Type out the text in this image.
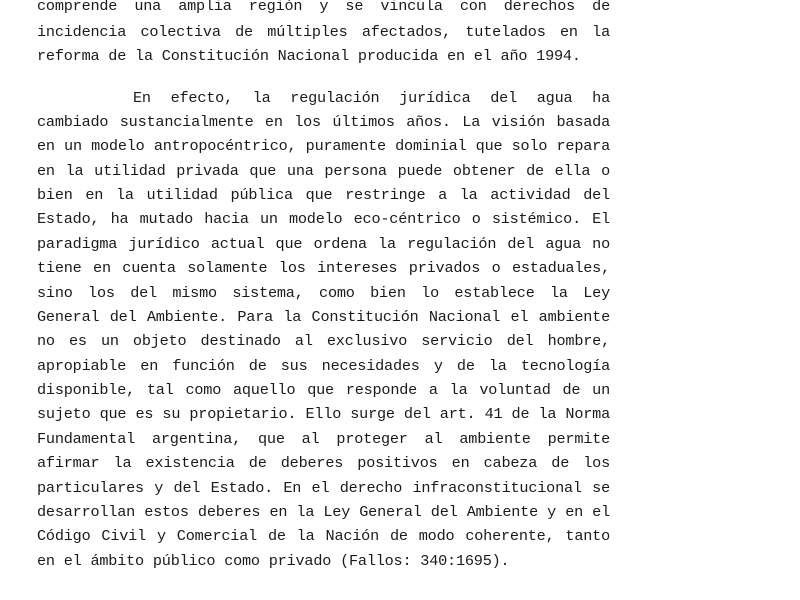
comprende una amplia región y se vincula con derechos de
incidencia colectiva de múltiples afectados, tutelados en la
reforma de la Constitución Nacional producida en el año 1994.
En efecto, la regulación jurídica del agua ha
cambiado sustancialmente en los últimos años. La visión basada
en un modelo antropocéntrico, puramente dominial que solo repara
en la utilidad privada que una persona puede obtener de ella o
bien en la utilidad pública que restringe a la actividad del
Estado, ha mutado hacia un modelo eco-céntrico o sistémico. El
paradigma jurídico actual que ordena la regulación del agua no
tiene en cuenta solamente los intereses privados o estaduales,
sino los del mismo sistema, como bien lo establece la Ley
General del Ambiente. Para la Constitución Nacional el ambiente
no es un objeto destinado al exclusivo servicio del hombre,
apropiable en función de sus necesidades y de la tecnología
disponible, tal como aquello que responde a la voluntad de un
sujeto que es su propietario. Ello surge del art. 41 de la Norma
Fundamental argentina, que al proteger al ambiente permite
afirmar la existencia de deberes positivos en cabeza de los
particulares y del Estado. En el derecho infraconstitucional se
desarrollan estos deberes en la Ley General del Ambiente y en el
Código Civil y Comercial de la Nación de modo coherente, tanto
en el ámbito público como privado (Fallos: 340:1695).
